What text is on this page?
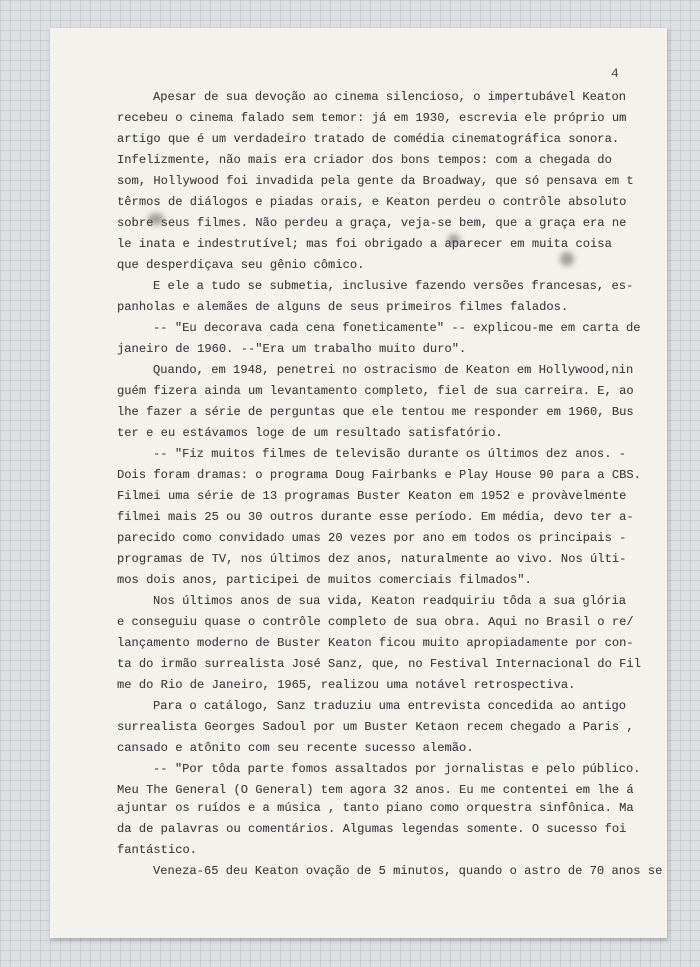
4
Apesar de sua devoção ao cinema silencioso, o impertubável Keaton
recebeu o cinema falado sem temor: já em 1930, escrevia ele próprio um
artigo que é um verdadeiro tratado de comédia cinematográfica sonora.
Infelizmente, não mais era criador dos bons tempos: com a chegada do
som, Hollywood foi invadida pela gente da Broadway, que só pensava em t
têrmos de diálogos e piadas orais, e Keaton perdeu o contrôle absoluto
sobre seus filmes. Não perdeu a graça, veja-se bem, que a graça era ne
le inata e indestrutível; mas foi obrigado a aparecer em muita coisa
que desperdiçava seu gênio cômico.
E ele a tudo se submetia, inclusive fazendo versões francesas, es-
panholas e alemães de alguns de seus primeiros filmes falados.
-- "Eu decorava cada cena foneticamente" -- explicou-me em carta de
janeiro de 1960. --"Era um trabalho muito duro".
Quando, em 1948, penetrei no ostracismo de Keaton em Hollywood,nin
guém fizera ainda um levantamento completo, fiel de sua carreira. E, ao
lhe fazer a série de perguntas que ele tentou me responder em 1960, Bus
ter e eu estávamos loge de um resultado satisfatório.
-- "Fiz muitos filmes de televisão durante os últimos dez anos. -
Dois foram dramas: o programa Doug Fairbanks e Play House 90 para a CBS.
Filmei uma série de 13 programas Buster Keaton em 1952 e provàvelmente
filmei mais 25 ou 30 outros durante esse período. Em média, devo ter a-
parecido como convidado umas 20 vezes por ano em todos os principais -
programas de TV, nos últimos dez anos, naturalmente ao vivo. Nos últi-
mos dois anos, participei de muitos comerciais filmados".
Nos últimos anos de sua vida, Keaton readquiriu tôda a sua glória
e conseguiu quase o contrôle completo de sua obra. Aqui no Brasil o re/
lançamento moderno de Buster Keaton ficou muito apropiadamente por con-
ta do irmão surrealista José Sanz, que, no Festival Internacional do Fil
me do Rio de Janeiro, 1965, realizou uma notável retrospectiva.
Para o catálogo, Sanz traduziu uma entrevista concedida ao antigo
surrealista Georges Sadoul por um Buster Ketaon recem chegado a Paris ,
cansado e atônito com seu recente sucesso alemão.
-- "Por tôda parte fomos assaltados por jornalistas e pelo público.
Meu The General (O General) tem agora 32 anos. Eu me contentei em lhe á
ajuntar os ruídos e a música , tanto piano como orquestra sinfônica. Ma
da de palavras ou comentários. Algumas legendas somente. O sucesso foi
fantástico.
Veneza-65 deu Keaton ovação de 5 minutos, quando o astro de 70 anos se
